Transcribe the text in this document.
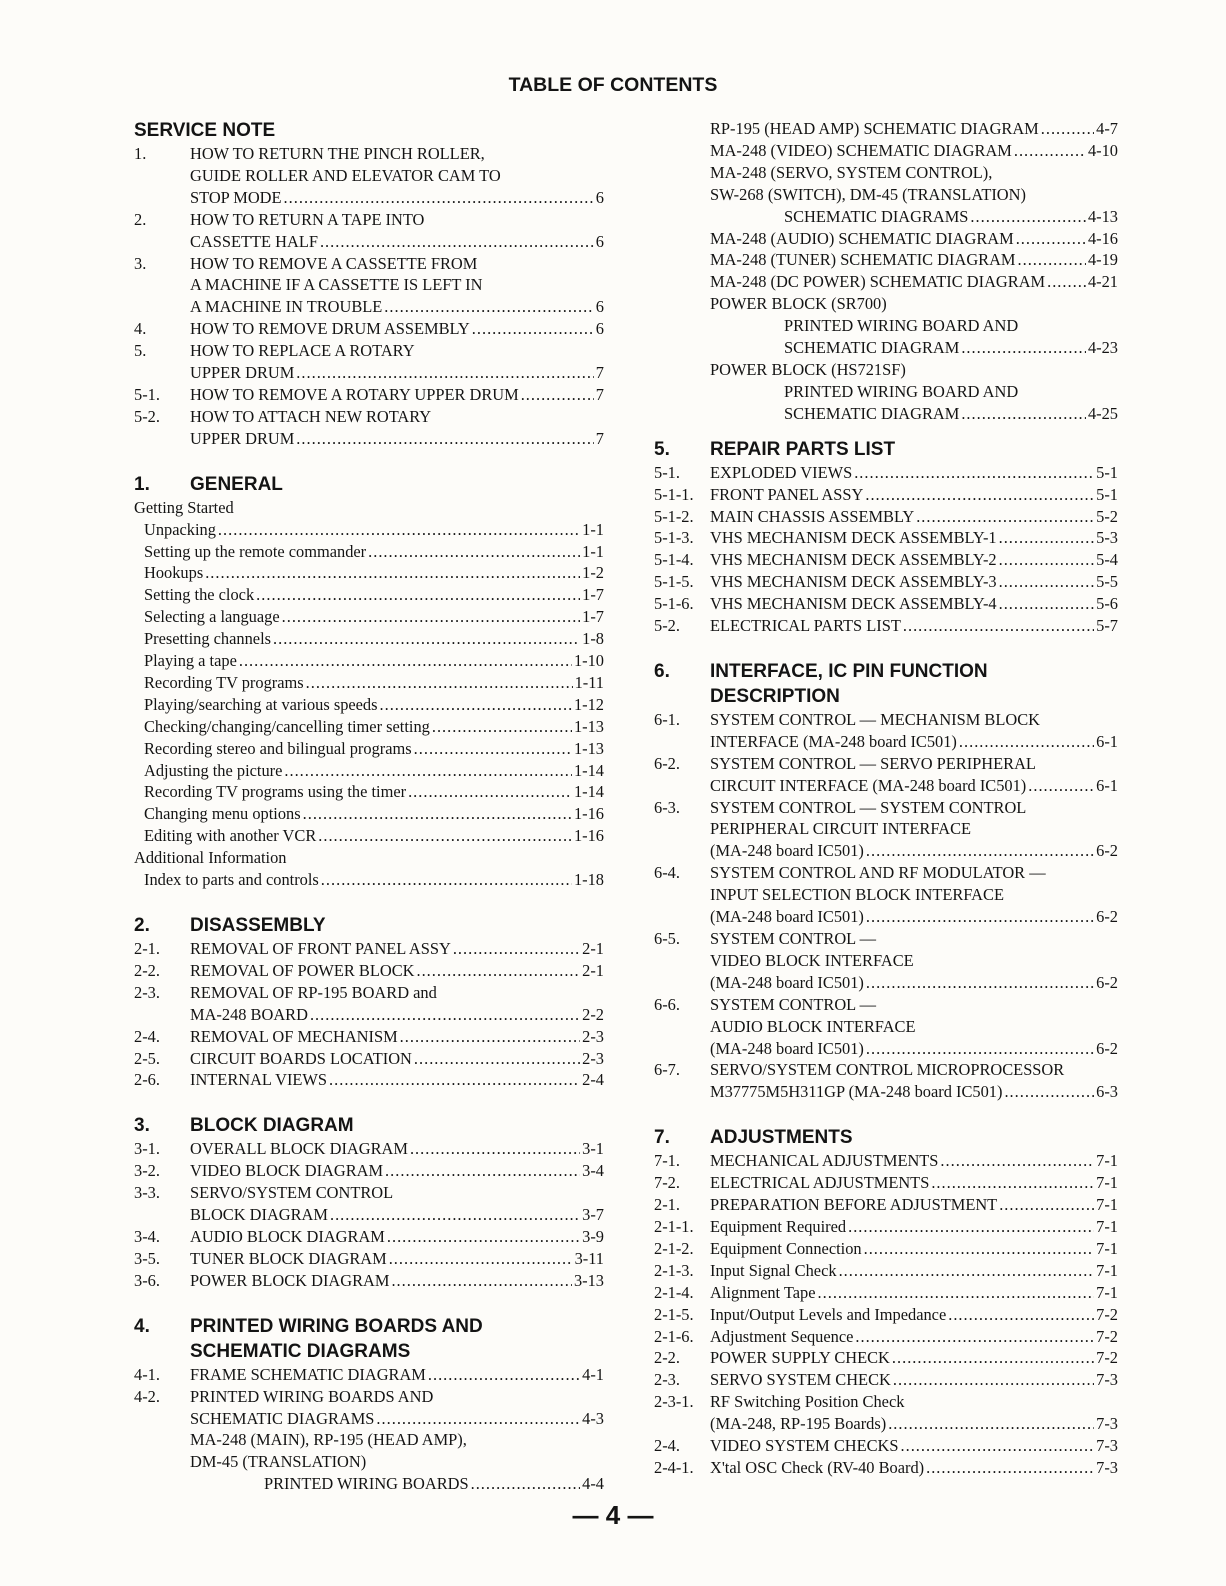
TABLE OF CONTENTS
SERVICE NOTE
1.	HOW TO RETURN THE PINCH ROLLER,
GUIDE ROLLER AND ELEVATOR CAM TO
STOP MODE .....	6
2.	HOW TO RETURN A TAPE INTO
CASSETTE HALF .....	6
3.	HOW TO REMOVE A CASSETTE FROM
A MACHINE IF A CASSETTE IS LEFT IN
A MACHINE IN TROUBLE .....	6
4.	HOW TO REMOVE DRUM ASSEMBLY .....	6
5.	HOW TO REPLACE A ROTARY
UPPER DRUM .....	7
5-1.	HOW TO REMOVE A ROTARY UPPER DRUM .....	7
5-2.	HOW TO ATTACH NEW ROTARY
UPPER DRUM .....	7
1.	GENERAL
Getting Started
Unpacking .....	1-1
Setting up the remote commander .....	1-1
Hookups .....	1-2
Setting the clock .....	1-7
Selecting a language .....	1-7
Presetting channels .....	1-8
Playing a tape .....	1-10
Recording TV programs .....	1-11
Playing/searching at various speeds .....	1-12
Checking/changing/cancelling timer setting .....	1-13
Recording stereo and bilingual programs .....	1-13
Adjusting the picture .....	1-14
Recording TV programs using the timer .....	1-14
Changing menu options .....	1-16
Editing with another VCR .....	1-16
Additional Information
Index to parts and controls .....	1-18
2.	DISASSEMBLY
2-1.	REMOVAL OF FRONT PANEL ASSY .....	2-1
2-2.	REMOVAL OF POWER BLOCK .....	2-1
2-3.	REMOVAL OF RP-195 BOARD and
MA-248 BOARD .....	2-2
2-4.	REMOVAL OF MECHANISM .....	2-3
2-5.	CIRCUIT BOARDS LOCATION .....	2-3
2-6.	INTERNAL VIEWS .....	2-4
3.	BLOCK DIAGRAM
3-1.	OVERALL BLOCK DIAGRAM .....	3-1
3-2.	VIDEO BLOCK DIAGRAM .....	3-4
3-3.	SERVO/SYSTEM CONTROL
BLOCK DIAGRAM .....	3-7
3-4.	AUDIO BLOCK DIAGRAM .....	3-9
3-5.	TUNER BLOCK DIAGRAM .....	3-11
3-6.	POWER BLOCK DIAGRAM .....	3-13
4.	PRINTED WIRING BOARDS AND
SCHEMATIC DIAGRAMS
4-1.	FRAME SCHEMATIC DIAGRAM .....	4-1
4-2.	PRINTED WIRING BOARDS AND
SCHEMATIC DIAGRAMS .....	4-3
MA-248 (MAIN), RP-195 (HEAD AMP),
DM-45 (TRANSLATION)
PRINTED WIRING BOARDS .....	4-4
RP-195 (HEAD AMP) SCHEMATIC DIAGRAM .....	4-7
MA-248 (VIDEO) SCHEMATIC DIAGRAM .....	4-10
MA-248 (SERVO, SYSTEM CONTROL),
SW-268 (SWITCH), DM-45 (TRANSLATION)
SCHEMATIC DIAGRAMS .....	4-13
MA-248 (AUDIO) SCHEMATIC DIAGRAM .....	4-16
MA-248 (TUNER) SCHEMATIC DIAGRAM .....	4-19
MA-248 (DC POWER) SCHEMATIC DIAGRAM .....	4-21
POWER BLOCK (SR700)
PRINTED WIRING BOARD AND
SCHEMATIC DIAGRAM .....	4-23
POWER BLOCK (HS721SF)
PRINTED WIRING BOARD AND
SCHEMATIC DIAGRAM .....	4-25
5.	REPAIR PARTS LIST
5-1.	EXPLODED VIEWS .....	5-1
5-1-1. FRONT PANEL ASSY .....	5-1
5-1-2. MAIN CHASSIS ASSEMBLY .....	5-2
5-1-3. VHS MECHANISM DECK ASSEMBLY-1 .....	5-3
5-1-4. VHS MECHANISM DECK ASSEMBLY-2 .....	5-4
5-1-5. VHS MECHANISM DECK ASSEMBLY-3 .....	5-5
5-1-6. VHS MECHANISM DECK ASSEMBLY-4 .....	5-6
5-2.	ELECTRICAL PARTS LIST .....	5-7
6.	INTERFACE, IC PIN FUNCTION
DESCRIPTION
6-1.	SYSTEM CONTROL — MECHANISM BLOCK
INTERFACE (MA-248 board IC501) .....	6-1
6-2.	SYSTEM CONTROL — SERVO PERIPHERAL
CIRCUIT INTERFACE (MA-248 board IC501) .....	6-1
6-3.	SYSTEM CONTROL — SYSTEM CONTROL
PERIPHERAL CIRCUIT INTERFACE
(MA-248 board IC501) .....	6-2
6-4.	SYSTEM CONTROL AND RF MODULATOR —
INPUT SELECTION BLOCK INTERFACE
(MA-248 board IC501) .....	6-2
6-5.	SYSTEM CONTROL —
VIDEO BLOCK INTERFACE
(MA-248 board IC501) .....	6-2
6-6.	SYSTEM CONTROL —
AUDIO BLOCK INTERFACE
(MA-248 board IC501) .....	6-2
6-7.	SERVO/SYSTEM CONTROL MICROPROCESSOR
M37775M5H311GP (MA-248 board IC501) .....	6-3
7.	ADJUSTMENTS
7-1.	MECHANICAL ADJUSTMENTS .....	7-1
7-2.	ELECTRICAL ADJUSTMENTS .....	7-1
2-1.	PREPARATION BEFORE ADJUSTMENT .....	7-1
2-1-1. Equipment Required .....	7-1
2-1-2. Equipment Connection .....	7-1
2-1-3. Input Signal Check .....	7-1
2-1-4. Alignment Tape .....	7-1
2-1-5. Input/Output Levels and Impedance .....	7-2
2-1-6. Adjustment Sequence .....	7-2
2-2.	POWER SUPPLY CHECK .....	7-2
2-3.	SERVO SYSTEM CHECK .....	7-3
2-3-1. RF Switching Position Check
(MA-248, RP-195 Boards) .....	7-3
2-4.	VIDEO SYSTEM CHECKS .....	7-3
2-4-1. X'tal OSC Check (RV-40 Board) .....	7-3
— 4 —
